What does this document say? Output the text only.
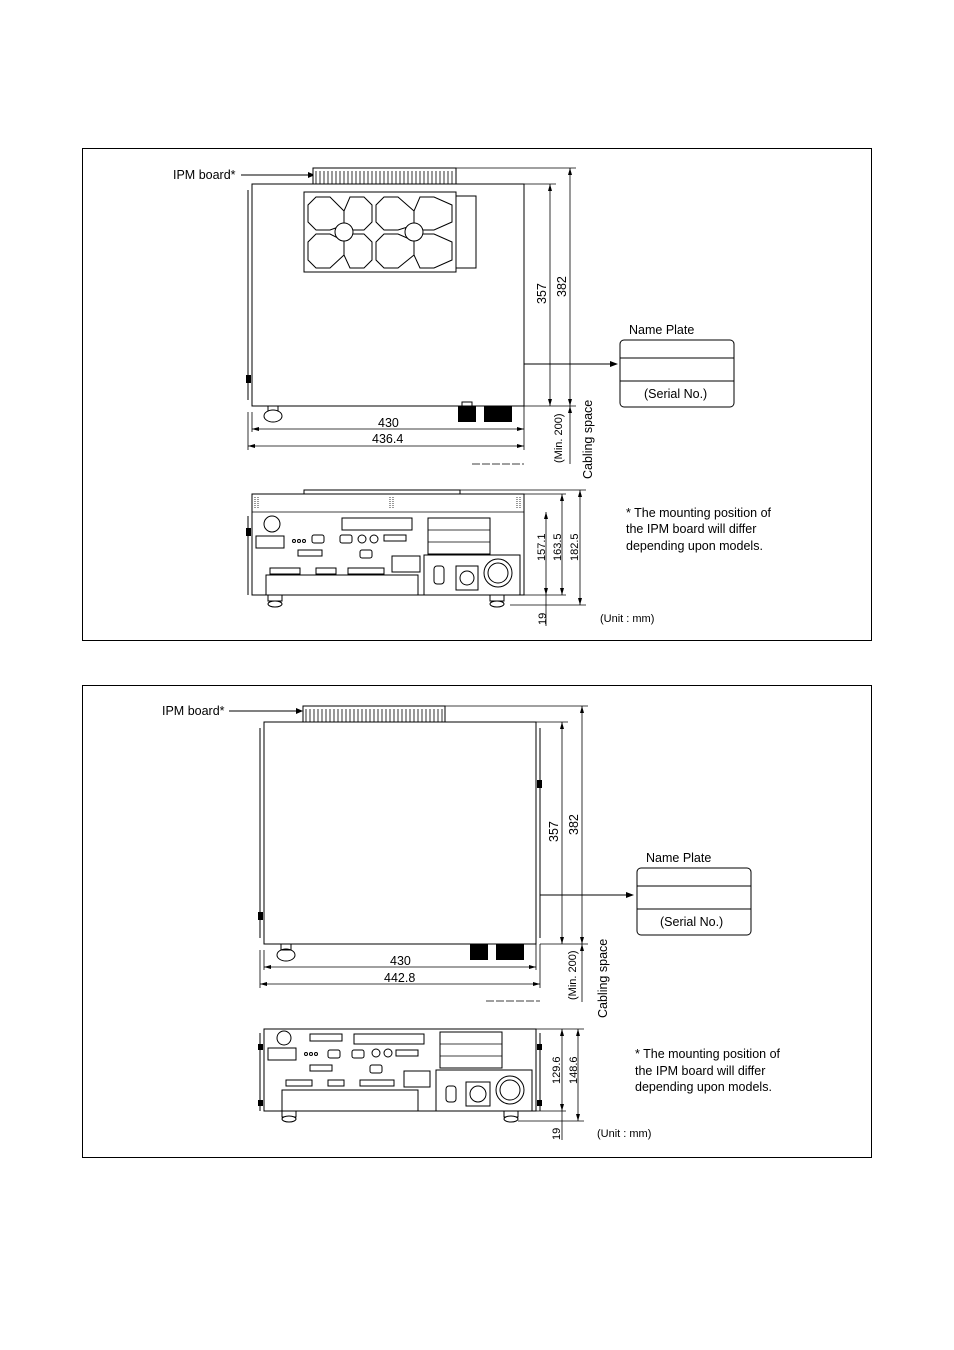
IPM board*
430
436.4
357 382
(Min. 200) Cabling space
Name Plate
(Serial No.)
157.1 163.5 182.5
19
* The mounting position of
the IPM board will differ
depending upon models.
(Unit : mm)
IPM board*
430
442.8
357 382
(Min. 200) Cabling space
Name Plate
(Serial No.)
129.6 148.6
19
* The mounting position of
the IPM board will differ
depending upon models.
(Unit : mm)
